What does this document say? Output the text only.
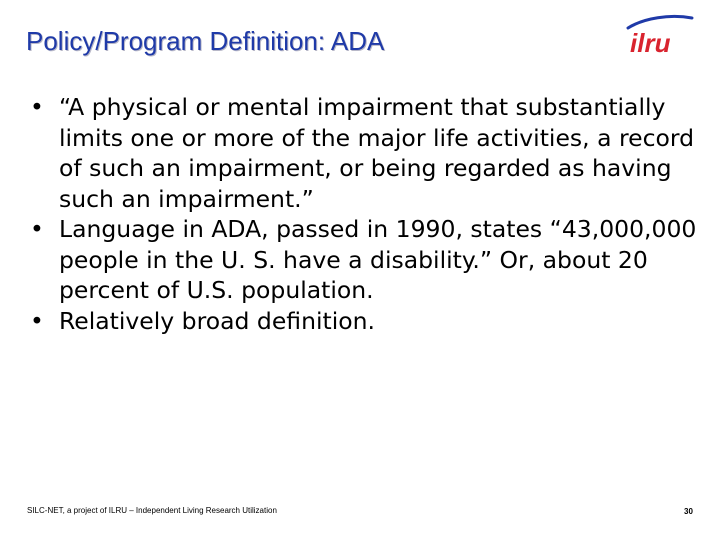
Policy/Program Definition: ADA	ilru
• “A physical or mental impairment that substantially limits one or more of the major life activities, a record of such an impairment, or being regarded as having such an impairment.”
• Language in ADA, passed in 1990, states “43,000,000 people in the U. S. have a disability.” Or, about 20 percent of U.S. population.
• Relatively broad definition.
SILC-NET, a project of ILRU – Independent Living Research Utilization	30
